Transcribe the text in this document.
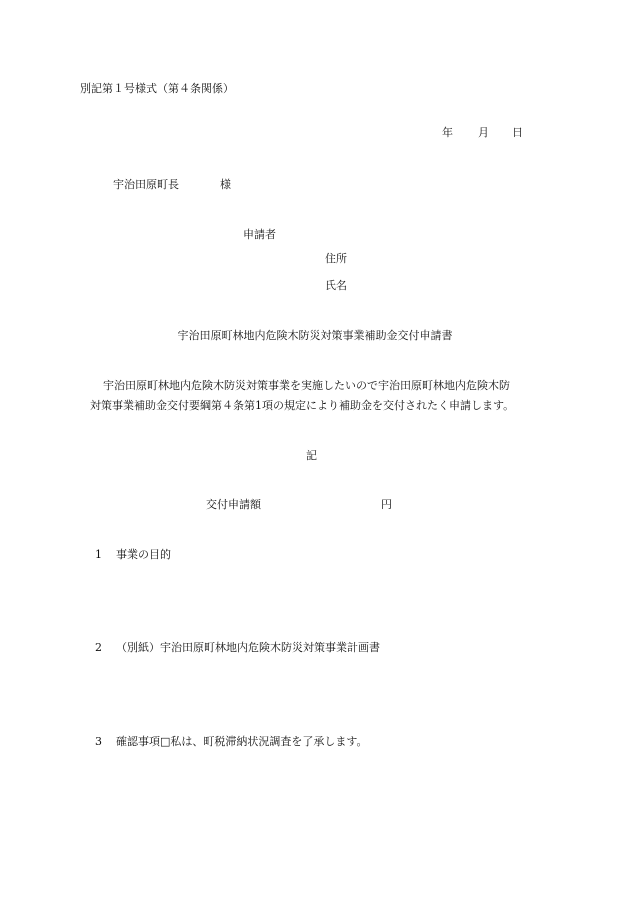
別記第１号様式（第４条関係）
年 月 日
宇治田原町長	様
申請者
住所
氏名
宇治田原町林地内危険木防災対策事業補助金交付申請書
宇治田原町林地内危険木防災対策事業を実施したいので宇治田原町林地内危険木防
対策事業補助金交付要綱第４条第1項の規定により補助金を交付されたく申請します。
記
交付申請額	円
1 事業の目的
2 （別紙）宇治田原町林地内危険木防災対策事業計画書
3 確認事項□私は、町税滞納状況調査を了承します。
